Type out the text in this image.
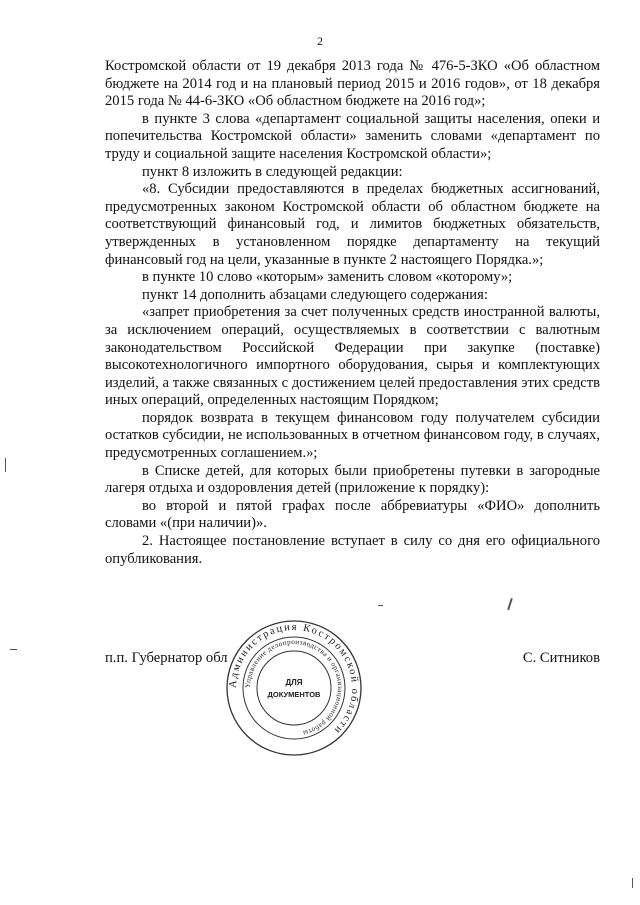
2

Костромской области от 19 декабря 2013 года № 476-5-ЗКО «Об областном бюджете на 2014 год и на плановый период 2015 и 2016 годов», от 18 декабря 2015 года № 44-6-ЗКО «Об областном бюджете на 2016 год»;

в пункте 3 слова «департамент социальной защиты населения, опеки и попечительства Костромской области» заменить словами «департамент по труду и социальной защите населения Костромской области»;

пункт 8 изложить в следующей редакции:

«8. Субсидии предоставляются в пределах бюджетных ассигнований, предусмотренных законом Костромской области об областном бюджете на соответствующий финансовый год, и лимитов бюджетных обязательств, утвержденных в установленном порядке департаменту на текущий финансовый год на цели, указанные в пункте 2 настоящего Порядка.»;

в пункте 10 слово «которым» заменить словом «которому»;

пункт 14 дополнить абзацами следующего содержания:

«запрет приобретения за счет полученных средств иностранной валюты, за исключением операций, осуществляемых в соответствии с валютным законодательством Российской Федерации при закупке (поставке) высокотехнологичного импортного оборудования, сырья и комплектующих изделий, а также связанных с достижением целей предоставления этих средств иных операций, определенных настоящим Порядком;

порядок возврата в текущем финансовом году получателем субсидии остатков субсидии, не использованных в отчетном финансовом году, в случаях, предусмотренных соглашением.»;

в Списке детей, для которых были приобретены путевки в загородные лагеря отдыха и оздоровления детей (приложение к порядку):

во второй и пятой графах после аббревиатуры «ФИО» дополнить словами «(при наличии)».

2. Настоящее постановление вступает в силу со дня его официального опубликования.

п.п. Губернатор обл	С. Ситников
Администрация Костромской области
Управление делопроизводства и организационной работы
ДЛЯ
ДОКУМЕНТОВ
